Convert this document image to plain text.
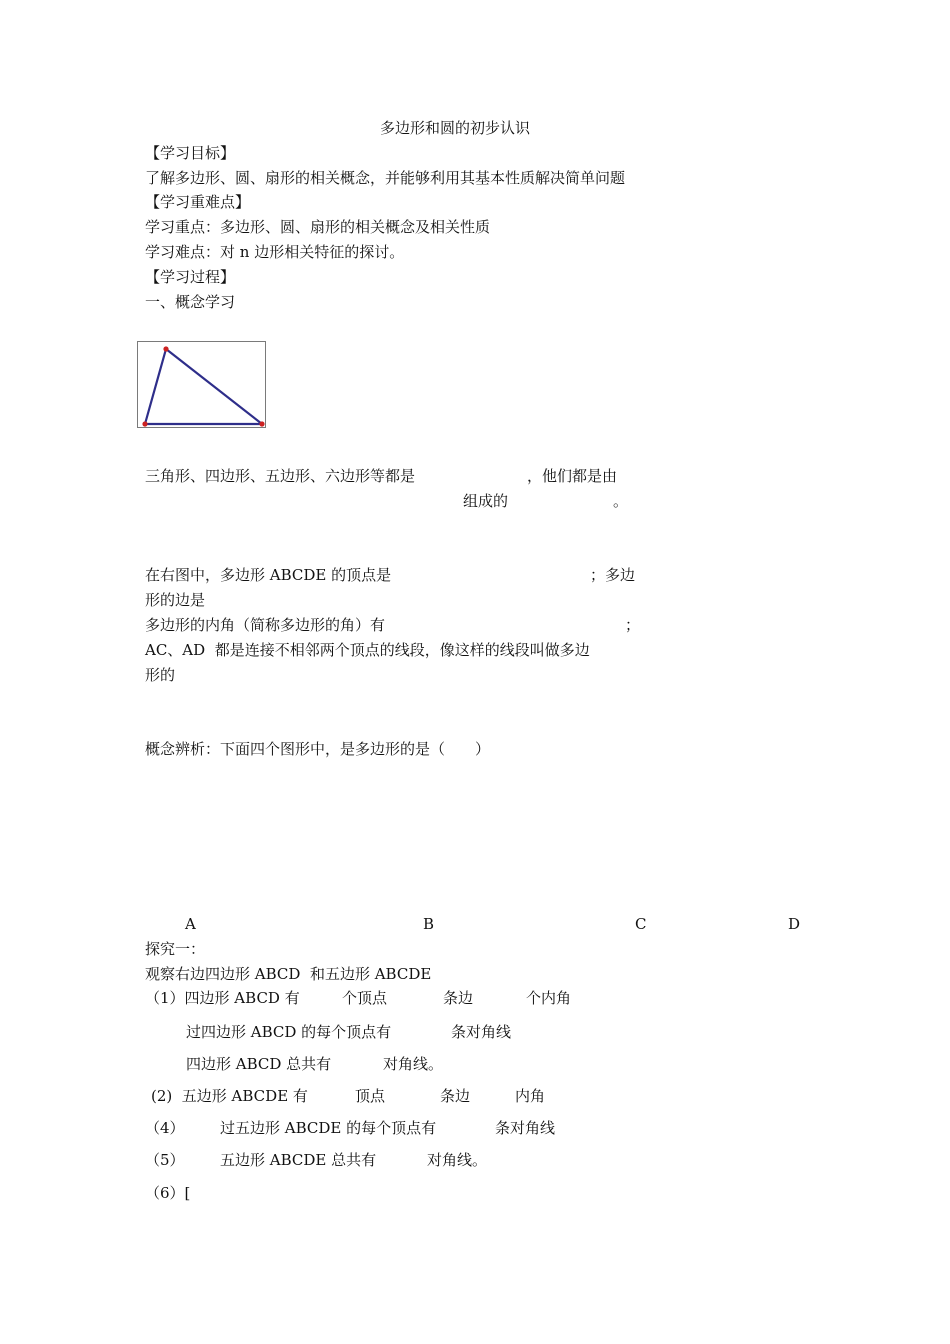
多边形和圆的初步认识
【学习目标】
了解多边形、圆、扇形的相关概念，并能够利用其基本性质解决简单问题
【学习重难点】
学习重点：多边形、圆、扇形的相关概念及相关性质
学习难点：对 n 边形相关特征的探讨。
【学习过程】
一、概念学习
三角形、四边形、五边形、六边形等都是	，他们都是由
组成的	。
在右图中，多边形 ABCDE 的顶点是	；多边
形的边是
多边形的内角（简称多边形的角）有	；
AC、AD  都是连接不相邻两个顶点的线段，像这样的线段叫做多边
形的
概念辨析：下面四个图形中，是多边形的是（　　）
A	B	C	D
探究一：
观察右边四边形 ABCD  和五边形 ABCDE
（1）四边形 ABCD 有	个顶点	条边	个内角
过四边形 ABCD 的每个顶点有	条对角线
四边形 ABCD 总共有	对角线。
(2)  五边形 ABCDE 有	顶点	条边	内角
（4） 过五边形 ABCDE 的每个顶点有	条对角线
（5） 五边形 ABCDE 总共有	对角线。
（6）[
